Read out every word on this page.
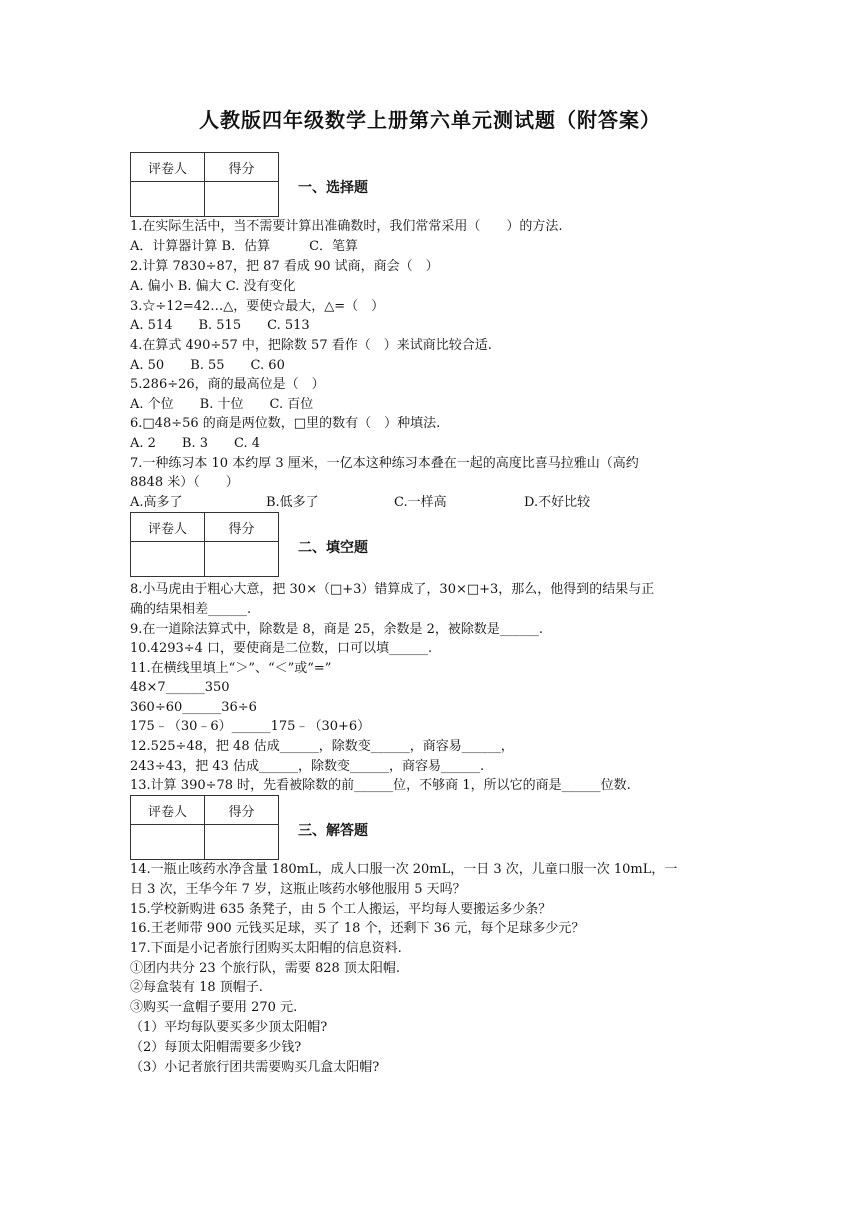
人教版四年级数学上册第六单元测试题（附答案）
评卷人	得分

一、选择题
1.在实际生活中，当不需要计算出准确数时，我们常常采用（　　）的方法.
A．计算器计算 B．估算　　　C．笔算
2.计算 7830÷87，把 87 看成 90 试商，商会（　）
A. 偏小 B. 偏大 C. 没有变化
3.☆÷12=42…△，要使☆最大，△=（　）
A. 514　　B. 515　　C. 513
4.在算式 490÷57 中，把除数 57 看作（　）来试商比较合适.
A. 50　　B. 55　　C. 60
5.286÷26，商的最高位是（　）
A. 个位　　B. 十位　　C. 百位
6.□48÷56 的商是两位数，□里的数有（　）种填法.
A. 2　　B. 3　　C. 4
7.一种练习本 10 本约厚 3 厘米，一亿本这种练习本叠在一起的高度比喜马拉雅山（高约
8848 米）（　　）
A.高多了	B.低多了	C.一样高	D.不好比较
评卷人	得分

二、填空题
8.小马虎由于粗心大意，把 30×（□+3）错算成了，30×□+3，那么，他得到的结果与正
确的结果相差______.
9.在一道除法算式中，除数是 8，商是 25，余数是 2，被除数是______.
10.4293÷4 口，要使商是二位数，口可以填______.
11.在横线里填上“＞”、“＜”或“=”
48×7______350
360÷60______36÷6
175﹣（30﹣6）______175﹣（30+6）
12.525÷48，把 48 估成______，除数变______，商容易______，
243÷43，把 43 估成______，除数变______，商容易______.
13.计算 390÷78 时，先看被除数的前______位，不够商 1，所以它的商是______位数.
评卷人	得分

三、解答题
14.一瓶止咳药水净含量 180mL，成人口服一次 20mL，一日 3 次，儿童口服一次 10mL，一
日 3 次，王华今年 7 岁，这瓶止咳药水够他服用 5 天吗？
15.学校新购进 635 条凳子，由 5 个工人搬运，平均每人要搬运多少条？
16.王老师带 900 元钱买足球，买了 18 个，还剩下 36 元，每个足球多少元？
17.下面是小记者旅行团购买太阳帽的信息资料.
①团内共分 23 个旅行队，需要 828 顶太阳帽.
②每盒装有 18 顶帽子.
③购买一盒帽子要用 270 元.
（1）平均每队要买多少顶太阳帽?
（2）每顶太阳帽需要多少钱?
（3）小记者旅行团共需要购买几盒太阳帽?
